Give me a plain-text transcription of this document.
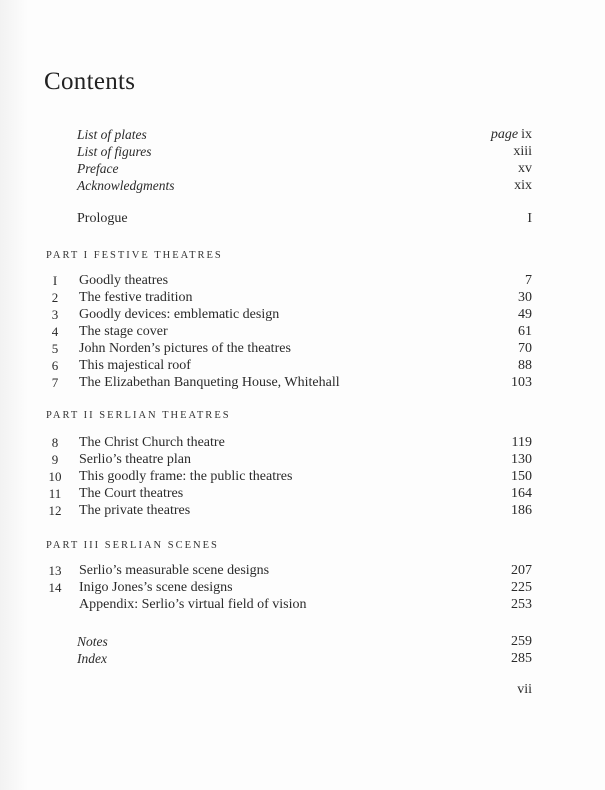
Contents
List of plates	page ix
List of figures	xiii
Preface	xv
Acknowledgments	xix
Prologue	I
PART I FESTIVE THEATRES
I	Goodly theatres	7
2	The festive tradition	30
3	Goodly devices: emblematic design	49
4	The stage cover	61
5	John Norden’s pictures of the theatres	70
6	This majestical roof	88
7	The Elizabethan Banqueting House, Whitehall	103
PART II SERLIAN THEATRES
8	The Christ Church theatre	119
9	Serlio’s theatre plan	130
10	This goodly frame: the public theatres	150
11	The Court theatres	164
12	The private theatres	186
PART III SERLIAN SCENES
13	Serlio’s measurable scene designs	207
14	Inigo Jones’s scene designs	225
Appendix: Serlio’s virtual field of vision	253
Notes	259
Index	285
vii
